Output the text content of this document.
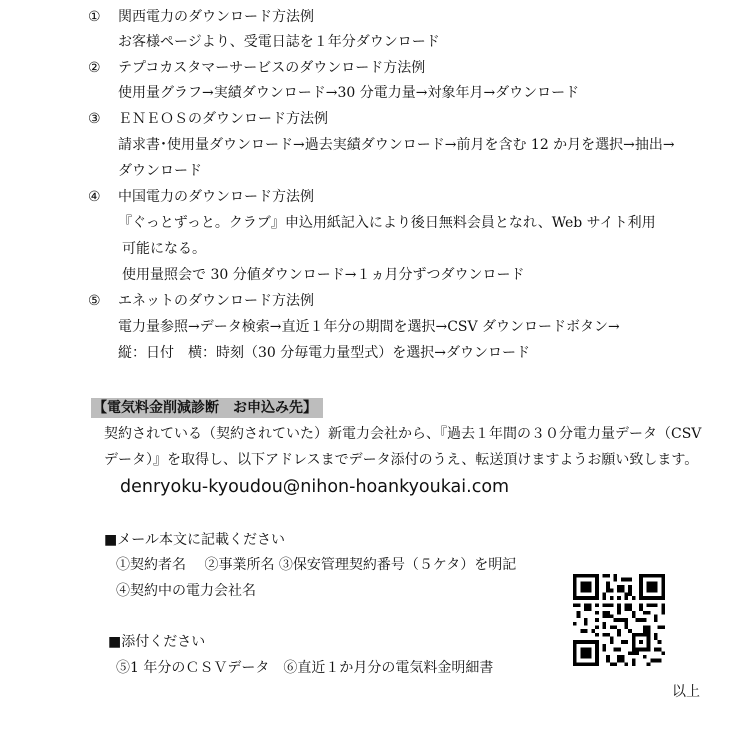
① 関西電力のダウンロード方法例
お客様ページより、受電日誌を１年分ダウンロード
② テプコカスタマーサービスのダウンロード方法例
使用量グラフ→実績ダウンロード→30 分電力量→対象年月→ダウンロード
③ ＥＮＥＯＳのダウンロード方法例
請求書･使用量ダウンロード→過去実績ダウンロード→前月を含む 12 か月を選択→抽出→
ダウンロード
④ 中国電力のダウンロード方法例
『ぐっとずっと。クラブ』申込用紙記入により後日無料会員となれ、Web サイト利用
可能になる。
使用量照会で 30 分値ダウンロード→１ヵ月分ずつダウンロード
⑤ エネットのダウンロード方法例
電力量参照→データ検索→直近１年分の期間を選択→CSV ダウンロードボタン→
縦：日付　横：時刻（30 分毎電力量型式）を選択→ダウンロード
【電気料金削減診断　お申込み先】
契約されている（契約されていた）新電力会社から、『過去１年間の３０分電力量データ（CSV
データ）』を取得し、以下アドレスまでデータ添付のうえ、転送頂けますようお願い致します。
denryoku-kyoudou@nihon-hoankyoukai.com
■メール本文に記載ください
①契約者名　 ②事業所名 ③保安管理契約番号（５ケタ）を明記
④契約中の電力会社名
■添付ください
⑤1 年分のＣＳＶデータ　⑥直近１か月分の電気料金明細書
以上
